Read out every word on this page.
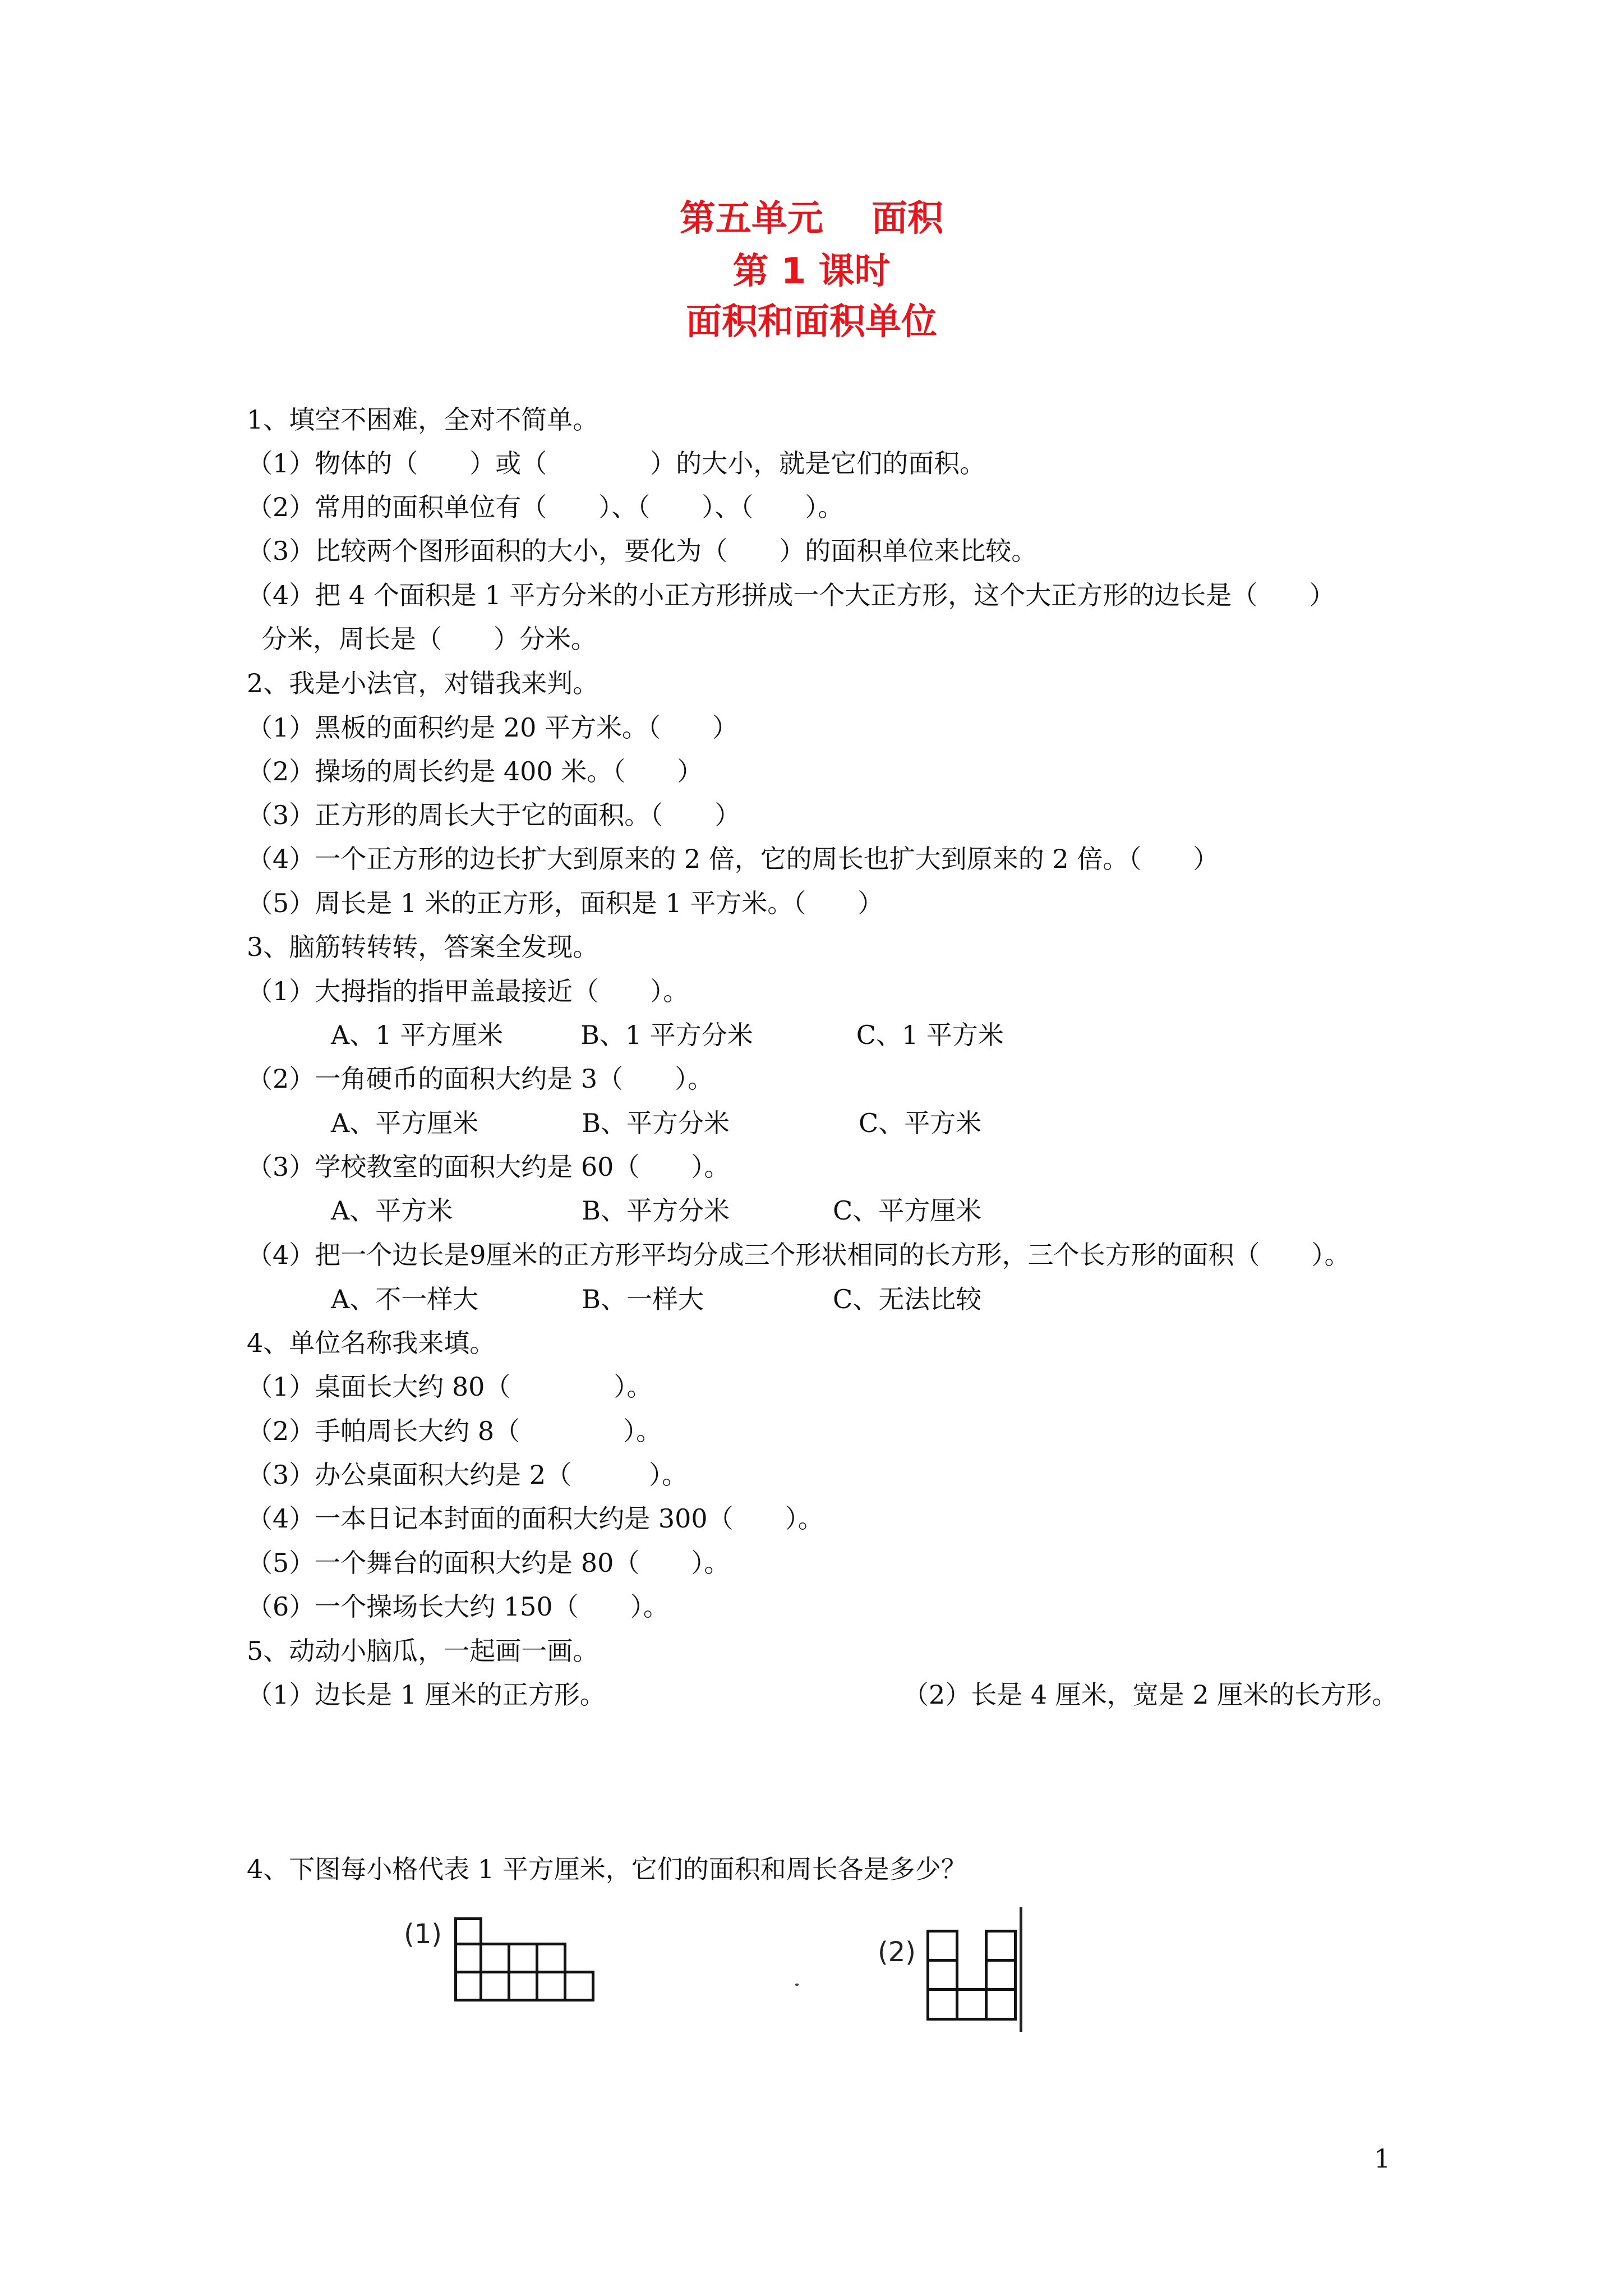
第五单元　 面积
第 1 课时
面积和面积单位
1、填空不困难，全对不简单。
（1）物体的（　　）或（　　　　）的大小，就是它们的面积。
（2）常用的面积单位有（　　）、（　　）、（　　）。
（3）比较两个图形面积的大小，要化为（　　）的面积单位来比较。
（4）把 4 个面积是 1 平方分米的小正方形拼成一个大正方形，这个大正方形的边长是（　　）
分米，周长是（　　）分米。
2、我是小法官，对错我来判。
（1）黑板的面积约是 20 平方米。（　　）
（2）操场的周长约是 400 米。（　　）
（3）正方形的周长大于它的面积。（　　）
（4）一个正方形的边长扩大到原来的 2 倍，它的周长也扩大到原来的 2 倍。（　　）
（5）周长是 1 米的正方形，面积是 1 平方米。（　　）
3、脑筋转转转，答案全发现。
（1）大拇指的指甲盖最接近（　　）。
A、1 平方厘米　　　B、1 平方分米　　　　C、1 平方米
（2）一角硬币的面积大约是 3（　　）。
A、平方厘米　　　　B、平方分米　　　　　C、平方米
（3）学校教室的面积大约是 60（　　）。
A、平方米　　　　　B、平方分米　　　　C、平方厘米
（4）把一个边长是9厘米的正方形平均分成三个形状相同的长方形，三个长方形的面积（　　）。
A、不一样大　　　　B、一样大　　　　　C、无法比较
4、单位名称我来填。
（1）桌面长大约 80（　　　　）。
（2）手帕周长大约 8（　　　　）。
（3）办公桌面积大约是 2（　　　）。
（4）一本日记本封面的面积大约是 300（　　）。
（5）一个舞台的面积大约是 80（　　）。
（6）一个操场长大约 150（　　）。
5、动动小脑瓜，一起画一画。
（1）边长是 1 厘米的正方形。	（2）长是 4 厘米，宽是 2 厘米的长方形。
4、下图每小格代表 1 平方厘米，它们的面积和周长各是多少？
(1)
(2)
1
